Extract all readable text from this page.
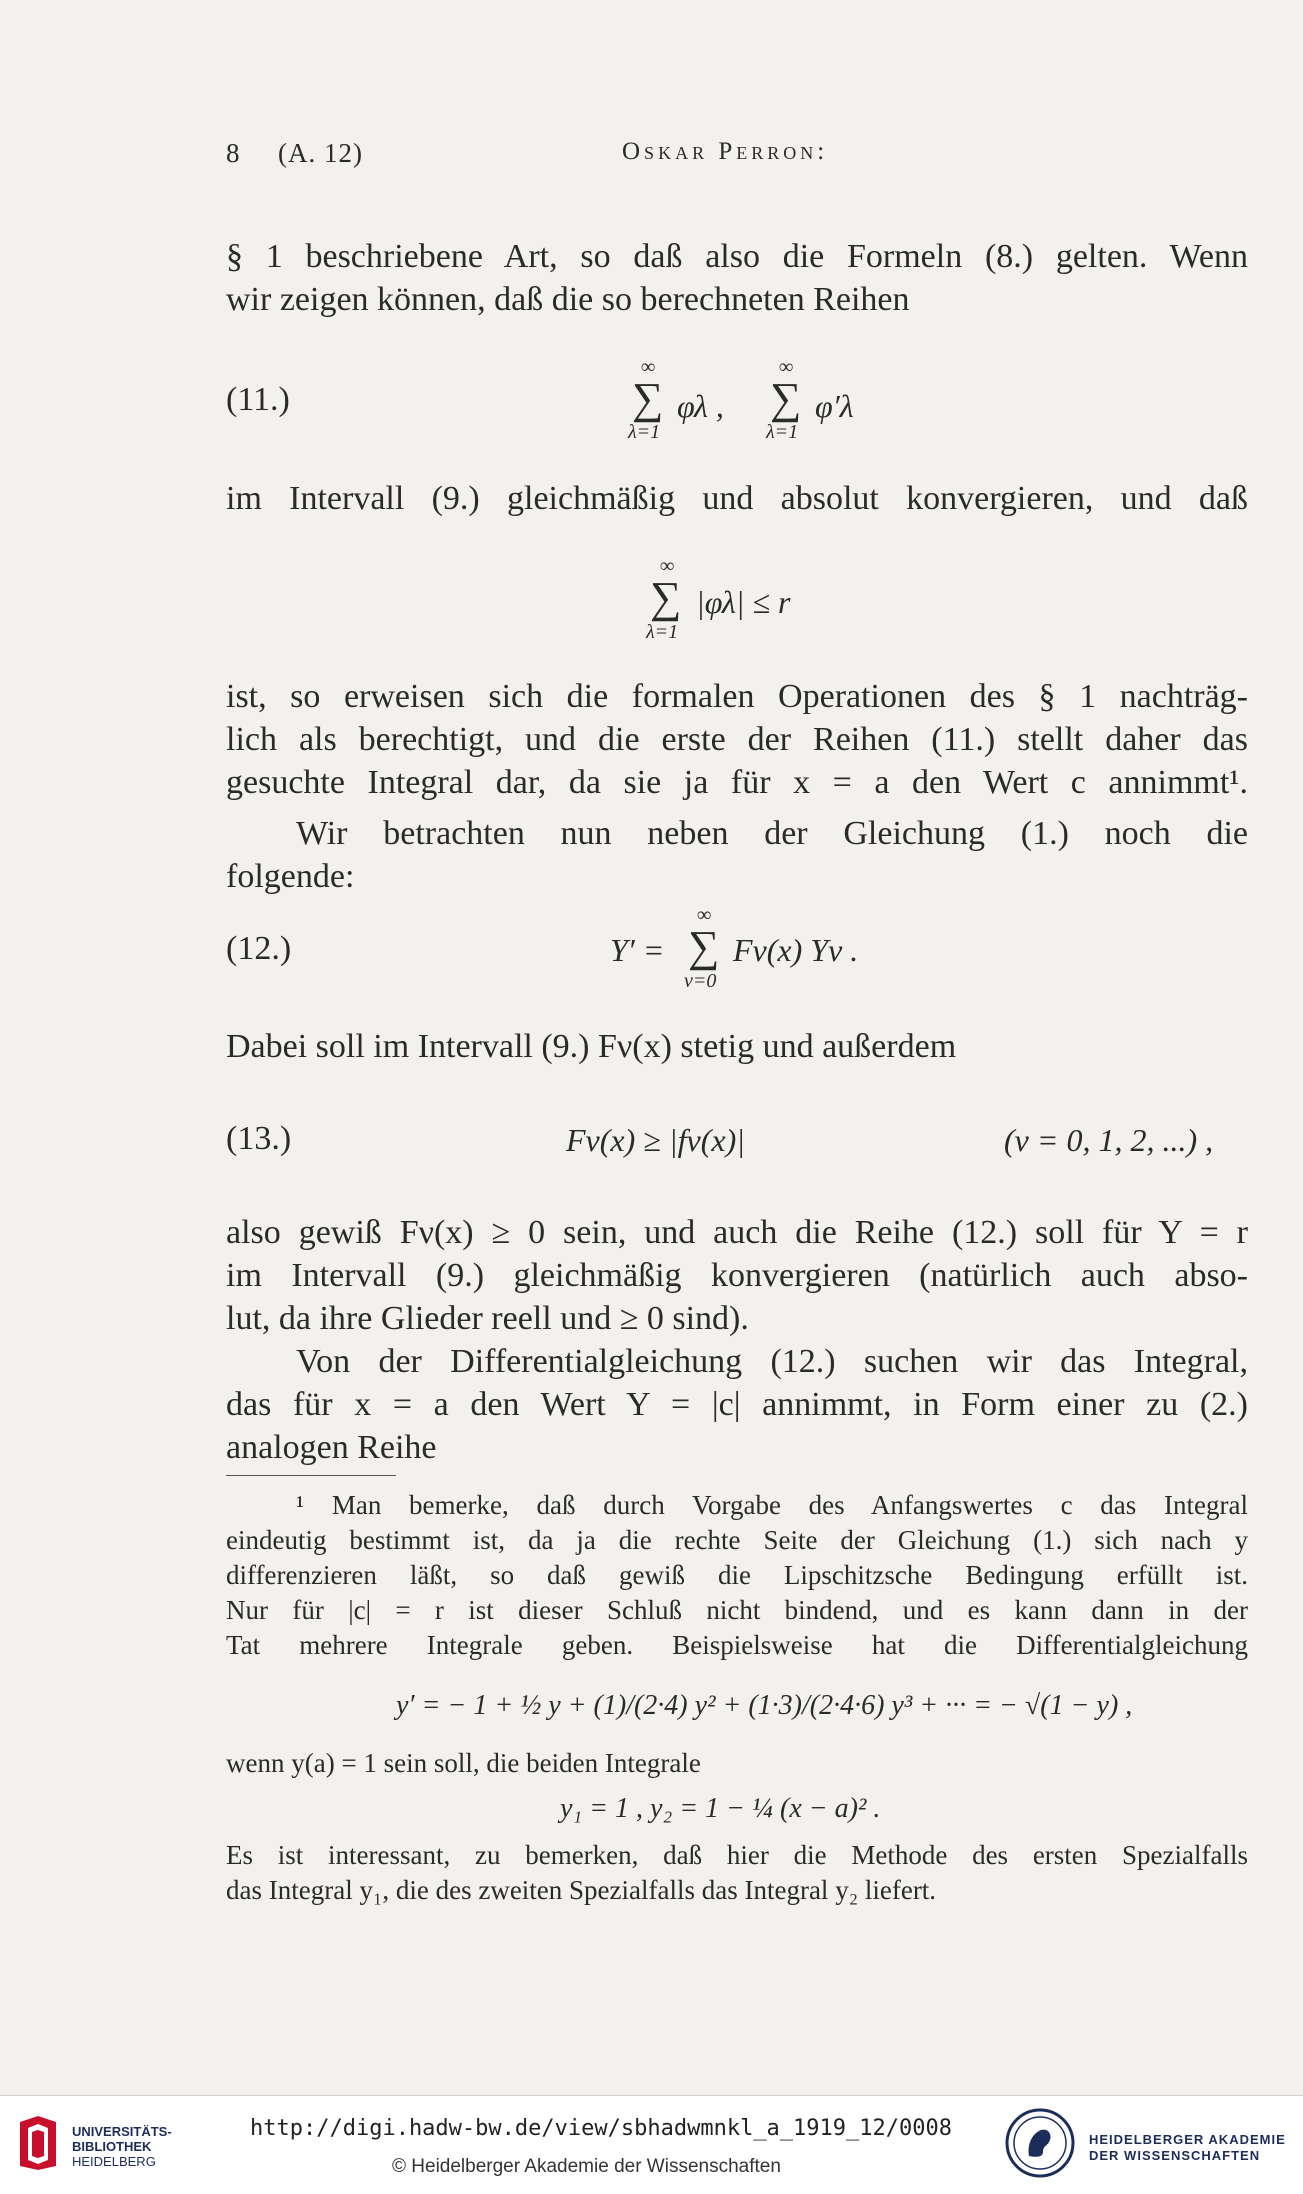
8 (A. 12)	Oskar Perron:
§ 1 beschriebene Art, so daß also die Formeln (8.) gelten. Wenn
wir zeigen können, daß die so berechneten Reihen
(11.)
∞
∑
λ=1
φλ ,
∞
∑
λ=1
φ′λ
im Intervall (9.) gleichmäßig und absolut konvergieren, und daß
∞
∑
λ=1
|φλ| ≤ r
ist, so erweisen sich die formalen Operationen des § 1 nachträg-
lich als berechtigt, und die erste der Reihen (11.) stellt daher das
gesuchte Integral dar, da sie ja für x = a den Wert c annimmt¹.
Wir betrachten nun neben der Gleichung (1.) noch die
folgende:
(12.)	Y′ =
∞
∑
ν=0
Fν(x) Yν .
Dabei soll im Intervall (9.) Fν(x) stetig und außerdem
(13.)	Fν(x) ≥ |fν(x)|	(ν = 0, 1, 2, ...) ,
also gewiß Fν(x) ≥ 0 sein, und auch die Reihe (12.) soll für Y = r
im Intervall (9.) gleichmäßig konvergieren (natürlich auch abso-
lut, da ihre Glieder reell und ≥ 0 sind).
Von der Differentialgleichung (12.) suchen wir das Integral,
das für x = a den Wert Y = |c| annimmt, in Form einer zu (2.)
analogen Reihe
¹ Man bemerke, daß durch Vorgabe des Anfangswertes c das Integral
eindeutig bestimmt ist, da ja die rechte Seite der Gleichung (1.) sich nach y
differenzieren läßt, so daß gewiß die Lipschitzsche Bedingung erfüllt ist.
Nur für |c| = r ist dieser Schluß nicht bindend, und es kann dann in der
Tat mehrere Integrale geben. Beispielsweise hat die Differentialgleichung
y′ = − 1 + ½ y + (1)/(2·4) y² + (1·3)/(2·4·6) y³ + ··· = − √(1 − y) ,
wenn y(a) = 1 sein soll, die beiden Integrale
y₁ = 1 , y₂ = 1 − ¼ (x − a)² .
Es ist interessant, zu bemerken, daß hier die Methode des ersten Spezialfalls
das Integral y₁, die des zweiten Spezialfalls das Integral y₂ liefert.
UNIVERSITÄTS-
BIBLIOTHEK
HEIDELBERG
http://digi.hadw-bw.de/view/sbhadwmnkl_a_1919_12/0008
© Heidelberger Akademie der Wissenschaften
HEIDELBERGER AKADEMIE
DER WISSENSCHAFTEN
